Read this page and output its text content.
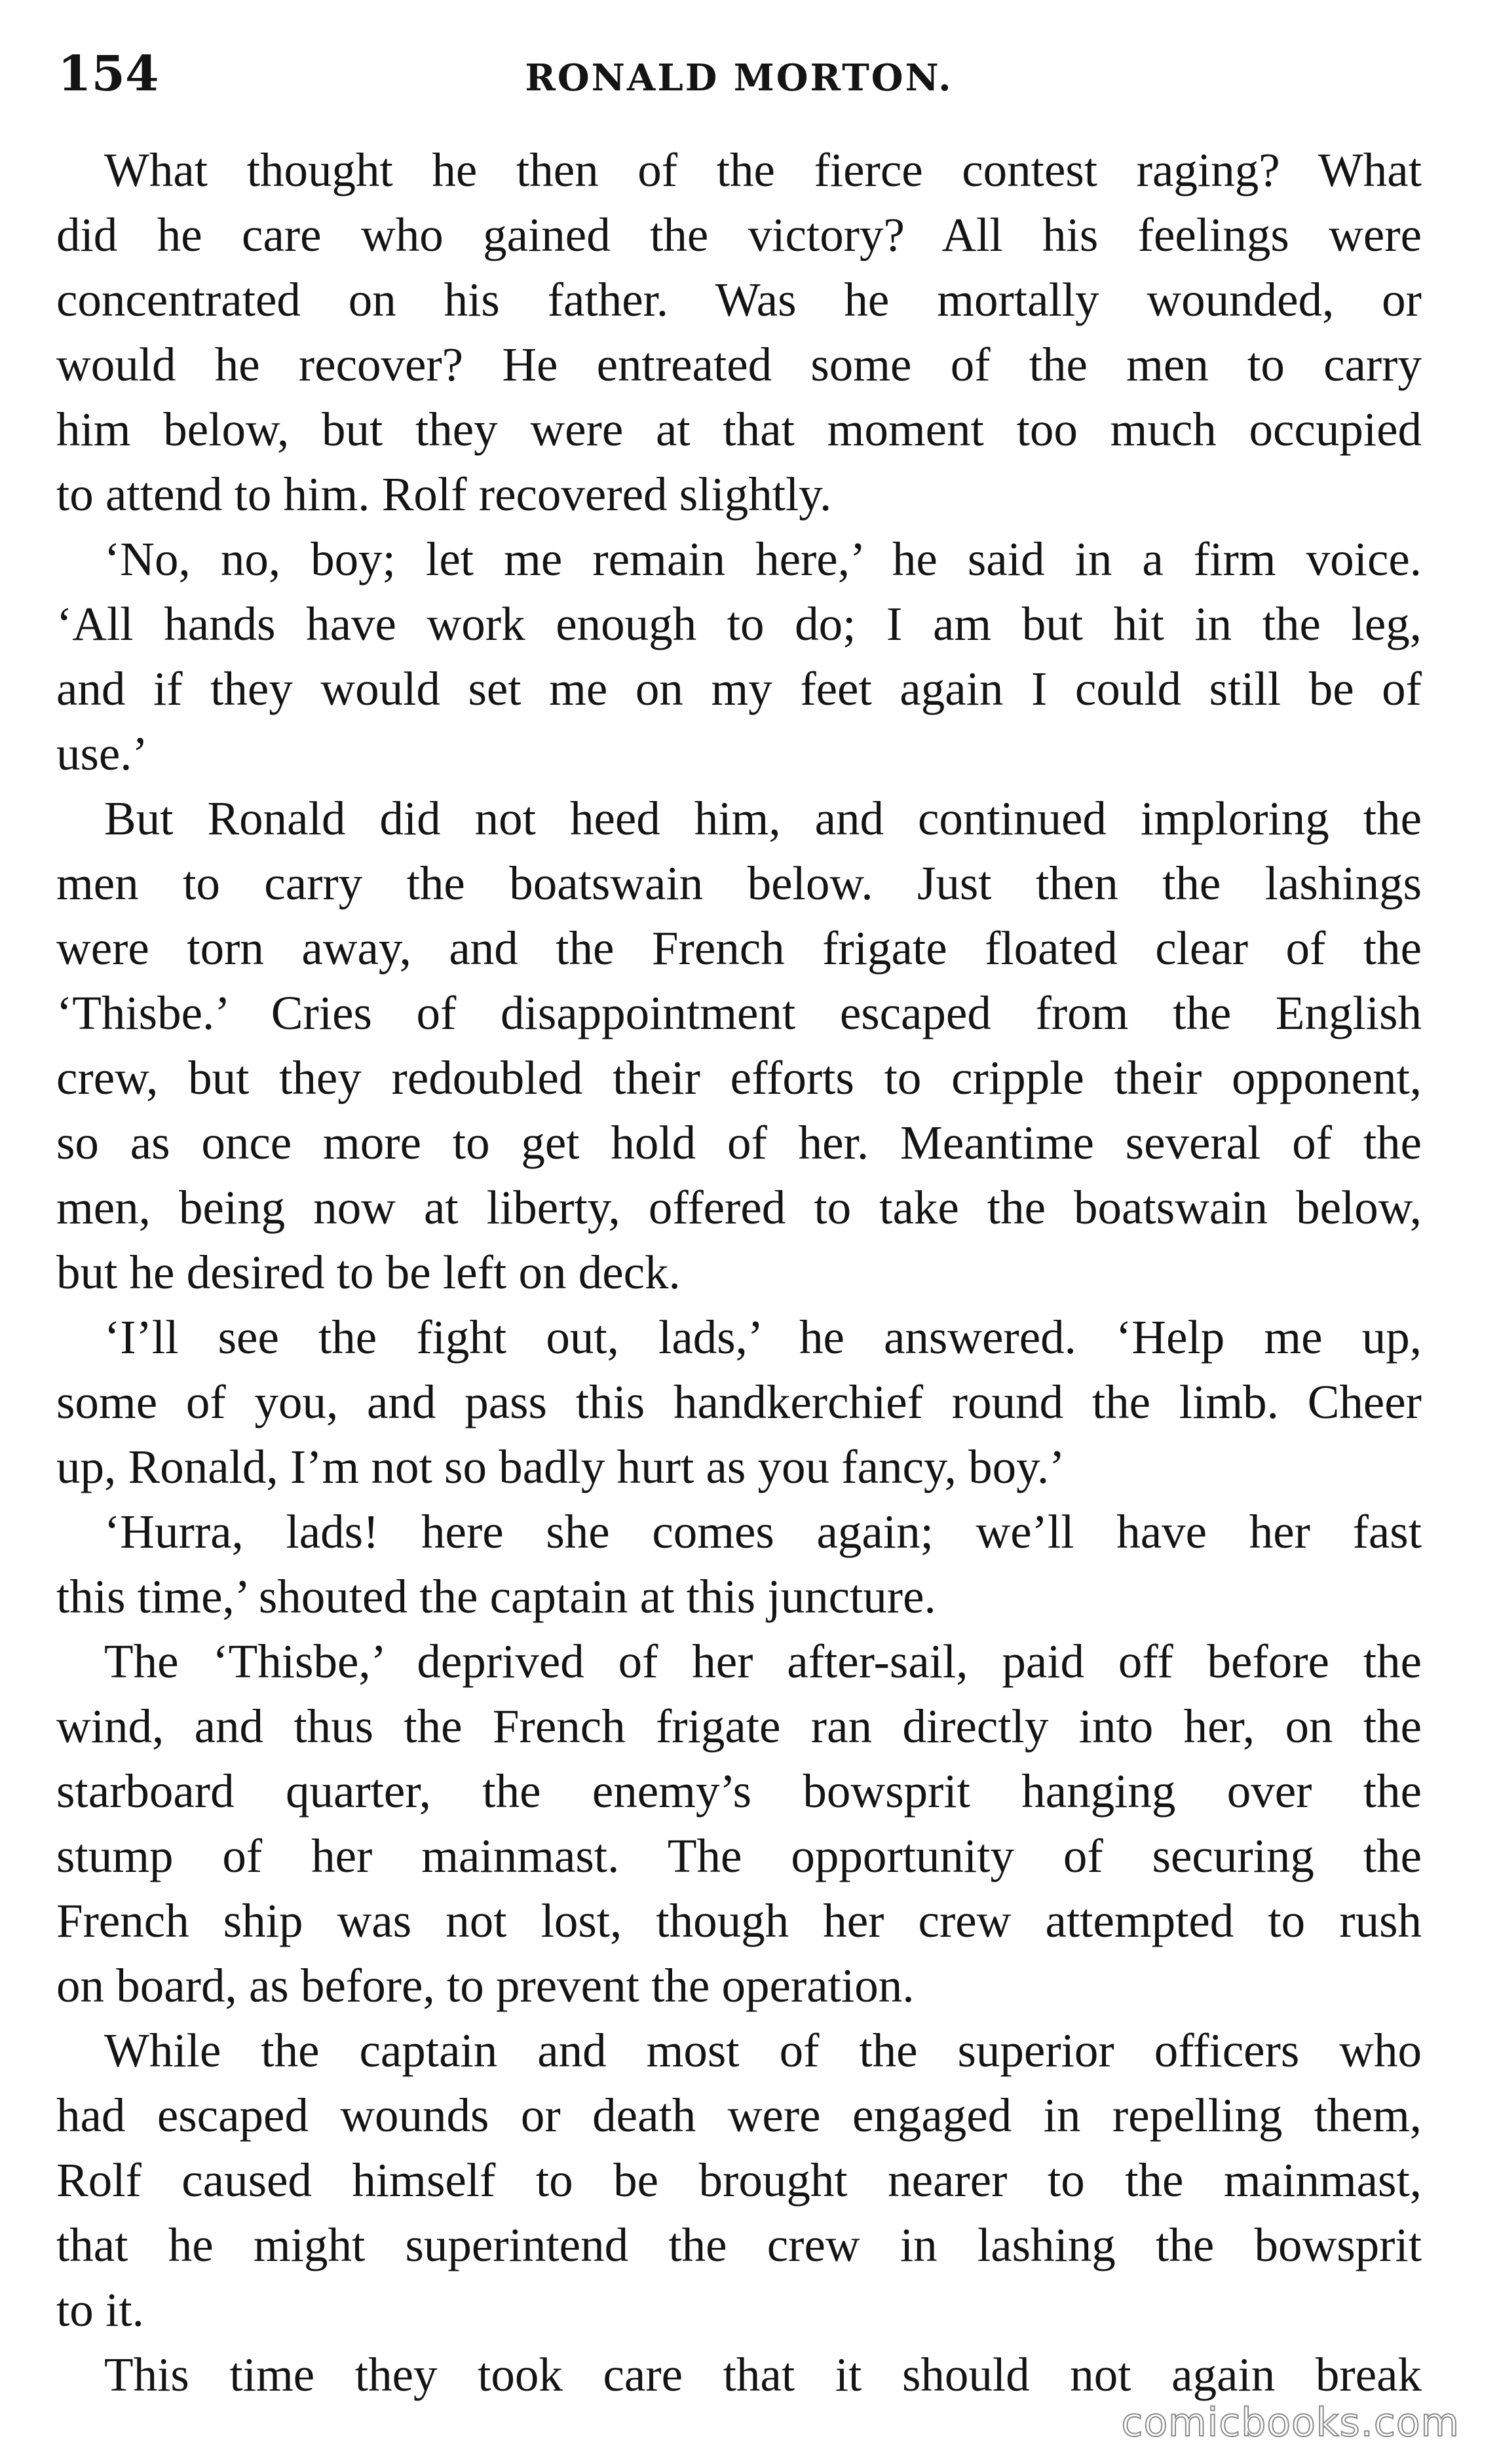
154	RONALD MORTON.

 What thought he then of the fierce contest raging? What

did he care who gained the victory? All his feelings were

concentrated on his father. Was he mortally wounded, or

would he recover? He entreated some of the men to carry

him below, but they were at that moment too much occupied

to attend to him. Rolf recovered slightly.

 ‘No, no, boy; let me remain here,’ he said in a firm voice.

‘All hands have work enough to do; I am but hit in the leg,

and if they would set me on my feet again I could still be of

use.’

 But Ronald did not heed him, and continued imploring the

men to carry the boatswain below. Just then the lashings

were torn away, and the French frigate floated clear of the

‘Thisbe.’ Cries of disappointment escaped from the English

crew, but they redoubled their efforts to cripple their opponent,

so as once more to get hold of her. Meantime several of the

men, being now at liberty, offered to take the boatswain below,

but he desired to be left on deck.

 ‘I’ll see the fight out, lads,’ he answered. ‘Help me up,

some of you, and pass this handkerchief round the limb. Cheer

up, Ronald, I’m not so badly hurt as you fancy, boy.’

 ‘Hurra, lads! here she comes again; we’ll have her fast

this time,’ shouted the captain at this juncture.

 The ‘Thisbe,’ deprived of her after-sail, paid off before the

wind, and thus the French frigate ran directly into her, on the

starboard quarter, the enemy’s bowsprit hanging over the

stump of her mainmast. The opportunity of securing the

French ship was not lost, though her crew attempted to rush

on board, as before, to prevent the operation.

 While the captain and most of the superior officers who

had escaped wounds or death were engaged in repelling them,

Rolf caused himself to be brought nearer to the mainmast,

that he might superintend the crew in lashing the bowsprit

to it.

 This time they took care that it should not again break

comicbooks.com
